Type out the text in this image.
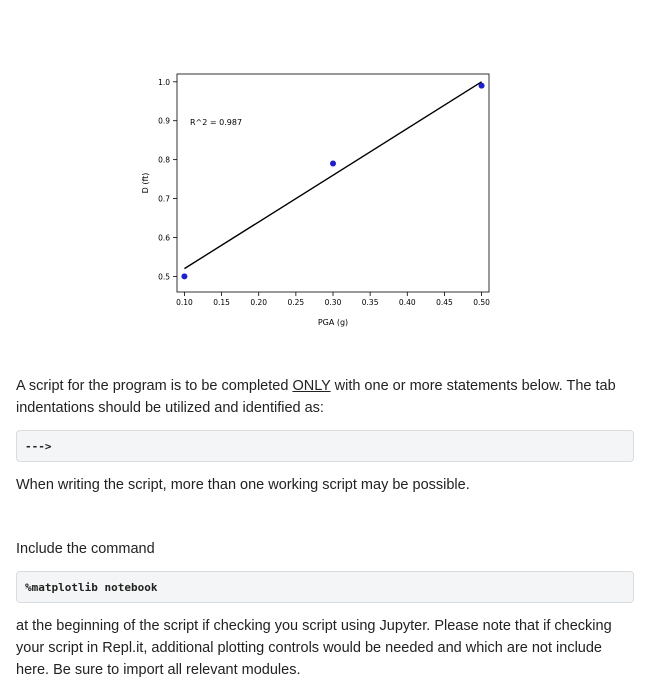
0.5
0.6
0.7
0.8
0.9
1.0
0.10	0.15	0.20	0.25	0.30	0.35	0.40	0.45	0.50
R^2 = 0.987
PGA (g)
D (ft)

A script for the program is to be completed ONLY with one or more statements below. The tab indentations should be utilized and identified as:

--->

When writing the script, more than one working script may be possible.

Include the command

%matplotlib notebook

at the beginning of the script if checking you script using Jupyter. Please note that if checking your script in Repl.it, additional plotting controls would be needed and which are not include here. Be sure to import all relevant modules.
